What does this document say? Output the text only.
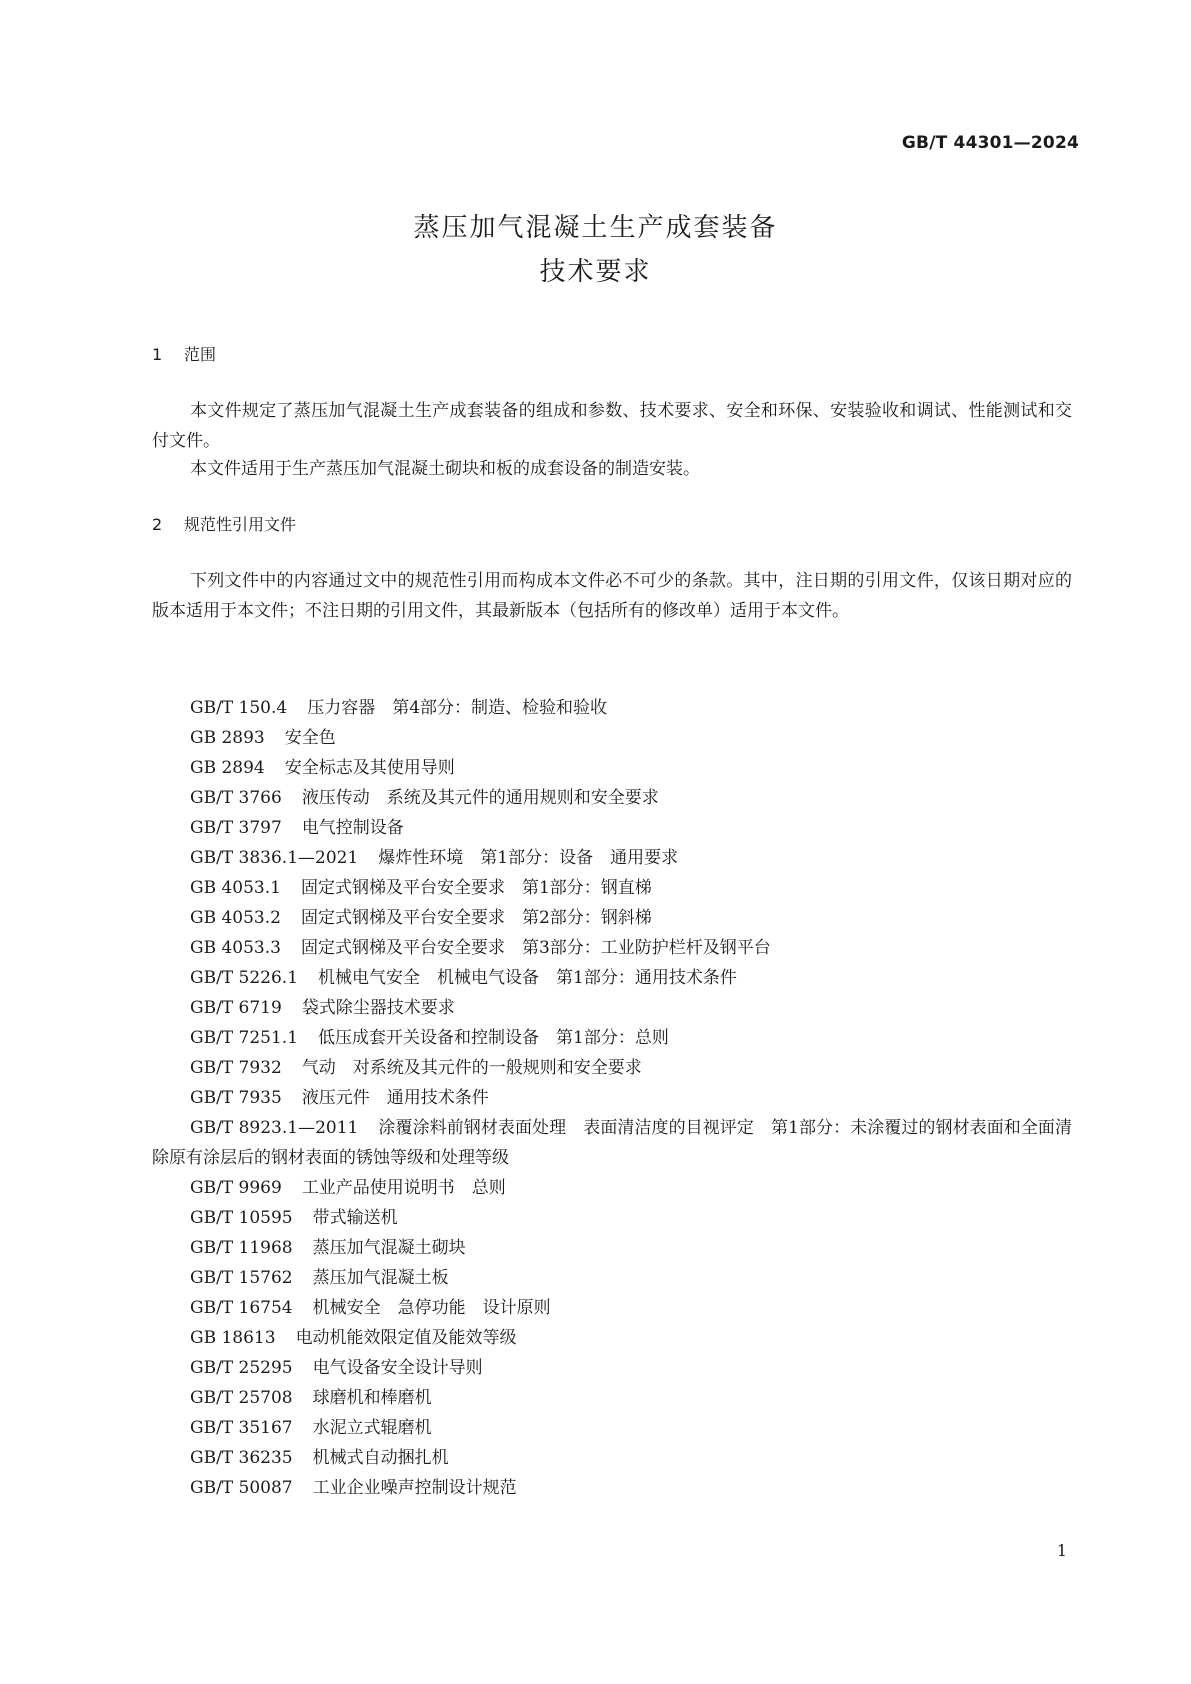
GB/T 44301—2024
蒸压加气混凝土生产成套装备
技术要求
1 范围

本文件规定了蒸压加气混凝土生产成套装备的组成和参数、技术要求、安全和环保、安装验收和调试、性能测试和交付文件。

本文件适用于生产蒸压加气混凝土砌块和板的成套设备的制造安装。

2 规范性引用文件

下列文件中的内容通过文中的规范性引用而构成本文件必不可少的条款。其中，注日期的引用文件，仅该日期对应的版本适用于本文件；不注日期的引用文件，其最新版本（包括所有的修改单）适用于本文件。

GB/T 150.4 压力容器　第4部分：制造、检验和验收
GB 2893 安全色
GB 2894 安全标志及其使用导则
GB/T 3766 液压传动　系统及其元件的通用规则和安全要求
GB/T 3797 电气控制设备
GB/T 3836.1—2021 爆炸性环境　第1部分：设备　通用要求
GB 4053.1 固定式钢梯及平台安全要求　第1部分：钢直梯
GB 4053.2 固定式钢梯及平台安全要求　第2部分：钢斜梯
GB 4053.3 固定式钢梯及平台安全要求　第3部分：工业防护栏杆及钢平台
GB/T 5226.1 机械电气安全　机械电气设备　第1部分：通用技术条件
GB/T 6719 袋式除尘器技术要求
GB/T 7251.1 低压成套开关设备和控制设备　第1部分：总则
GB/T 7932 气动　对系统及其元件的一般规则和安全要求
GB/T 7935 液压元件　通用技术条件
GB/T 8923.1—2011 涂覆涂料前钢材表面处理　表面清洁度的目视评定　第1部分：未涂覆过的钢材表面和全面清除原有涂层后的钢材表面的锈蚀等级和处理等级
GB/T 9969 工业产品使用说明书　总则
GB/T 10595 带式输送机
GB/T 11968 蒸压加气混凝土砌块
GB/T 15762 蒸压加气混凝土板
GB/T 16754 机械安全　急停功能　设计原则
GB 18613 电动机能效限定值及能效等级
GB/T 25295 电气设备安全设计导则
GB/T 25708 球磨机和棒磨机
GB/T 35167 水泥立式辊磨机
GB/T 36235 机械式自动捆扎机
GB/T 50087 工业企业噪声控制设计规范
1
